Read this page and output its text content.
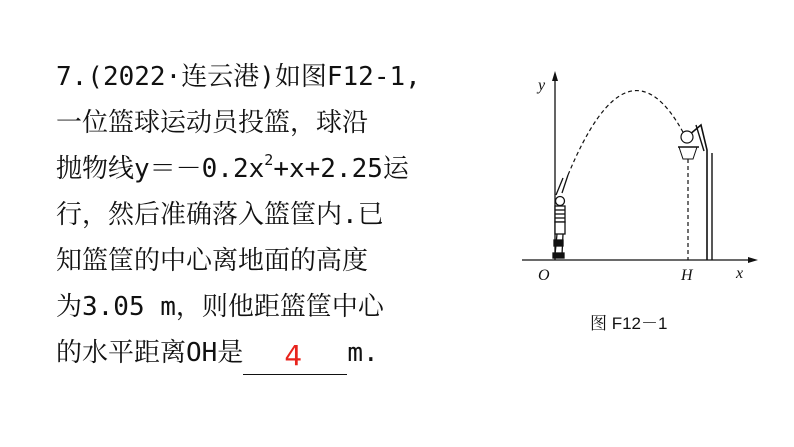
7.(2022·连云港)如图F12-1,
一位篮球运动员投篮，球沿
抛物线$y=-0.2x^2+x+2.25$运
行，然后准确落入篮筐内.已
知篮筐的中心离地面的高度
为3.05 m，则他距篮筐中心
的水平距离OH是 4 m.
y
x
O	H
图 F12－1
